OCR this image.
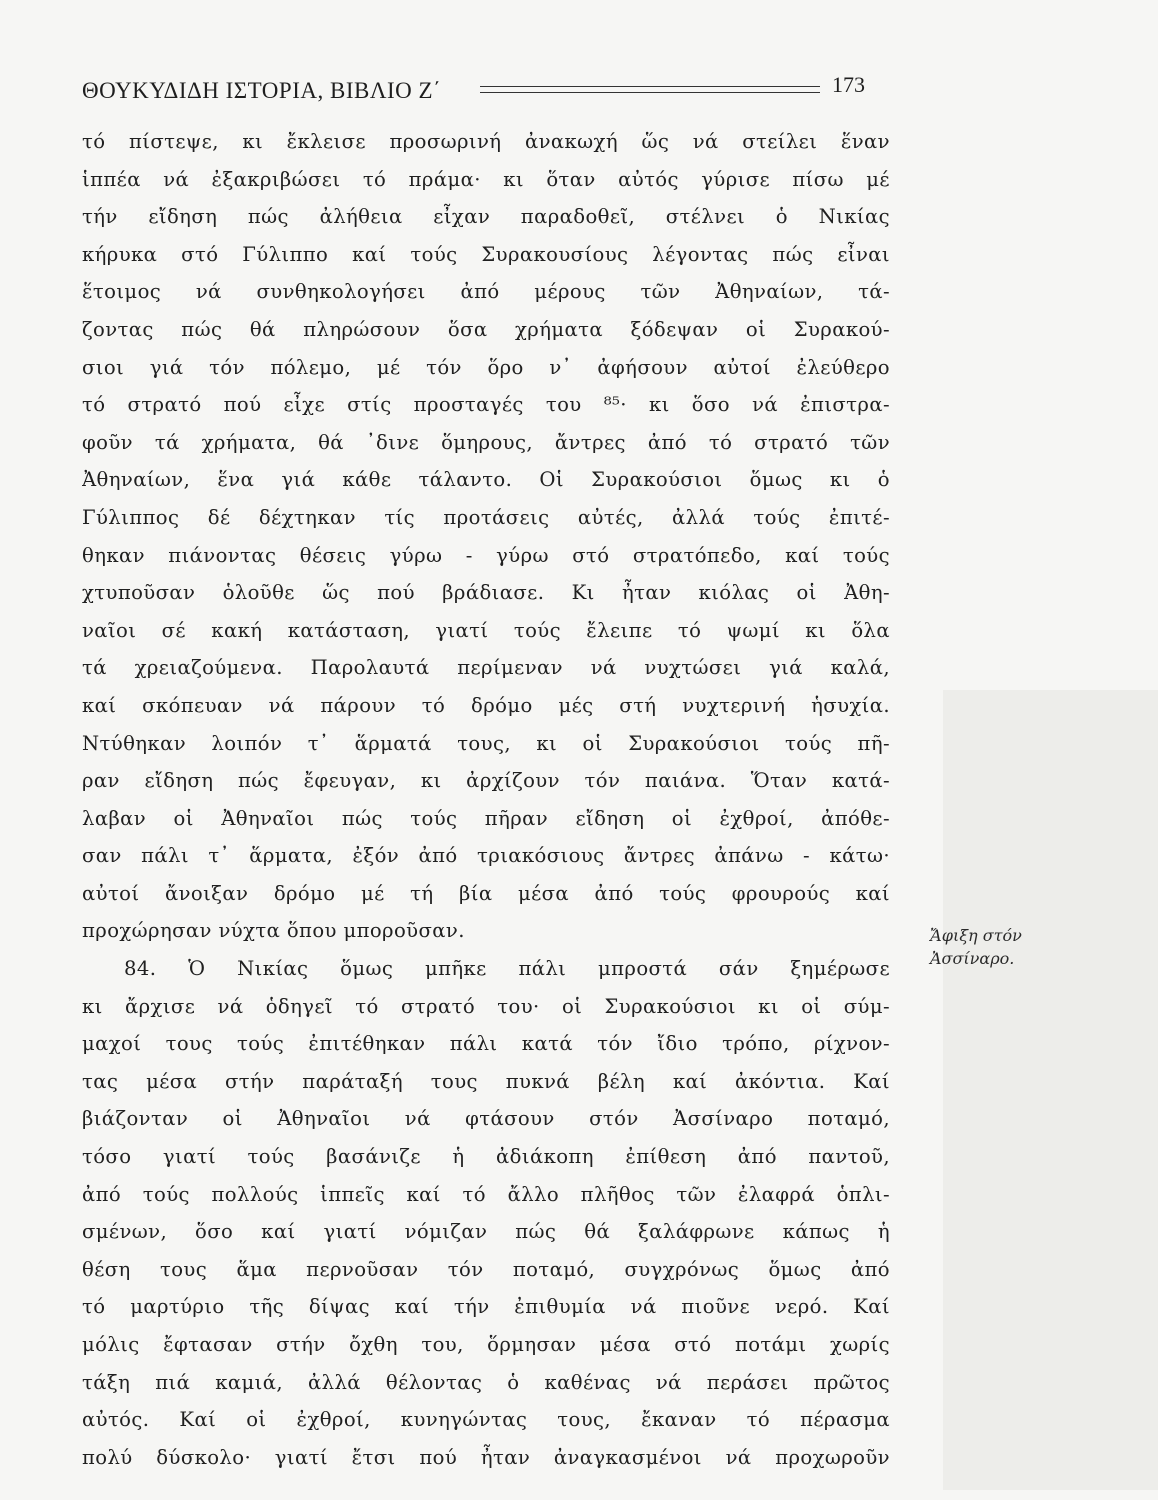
ΘΟΥΚΥΔΙΔΗ ΙΣΤΟΡΙΑ, ΒΙΒΛΙΟ Ζ΄	173
τό πίστεψε, κι ἔκλεισε προσωρινή ἀνακωχή ὥς νά στείλει ἕναν
ἱππέα νά ἐξακριβώσει τό πράμα· κι ὅταν αὐτός γύρισε πίσω μέ
τήν εἴδηση πώς ἀλήθεια εἶχαν παραδοθεῖ, στέλνει ὁ Νικίας
κήρυκα στό Γύλιππο καί τούς Συρακουσίους λέγοντας πώς εἶναι
ἕτοιμος νά συνθηκολογήσει ἀπό μέρους τῶν Ἀθηναίων, τά-
ζοντας πώς θά πληρώσουν ὅσα χρήματα ξόδεψαν οἱ Συρακού-
σιοι γιά τόν πόλεμο, μέ τόν ὅρο ν᾽ ἀφήσουν αὐτοί ἐλεύθερο
τό στρατό πού εἶχε στίς προσταγές του ⁸⁵· κι ὅσο νά ἐπιστρα-
φοῦν τά χρήματα, θά ᾽δινε ὅμηρους, ἄντρες ἀπό τό στρατό τῶν
Ἀθηναίων, ἕνα γιά κάθε τάλαντο. Οἱ Συρακούσιοι ὅμως κι ὁ
Γύλιππος δέ δέχτηκαν τίς προτάσεις αὐτές, ἀλλά τούς ἐπιτέ-
θηκαν πιάνοντας θέσεις γύρω - γύρω στό στρατόπεδο, καί τούς
χτυποῦσαν ὁλοῦθε ὥς πού βράδιασε. Κι ἦταν κιόλας οἱ Ἀθη-
ναῖοι σέ κακή κατάσταση, γιατί τούς ἔλειπε τό ψωμί κι ὅλα
τά χρειαζούμενα. Παρολαυτά περίμεναν νά νυχτώσει γιά καλά,
καί σκόπευαν νά πάρουν τό δρόμο μές στή νυχτερινή ἡσυχία.
Ντύθηκαν λοιπόν τ᾽ ἅρματά τους, κι οἱ Συρακούσιοι τούς πῆ-
ραν εἴδηση πώς ἔφευγαν, κι ἀρχίζουν τόν παιάνα. Ὅταν κατά-
λαβαν οἱ Ἀθηναῖοι πώς τούς πῆραν εἴδηση οἱ ἐχθροί, ἀπόθε-
σαν πάλι τ᾽ ἅρματα, ἐξόν ἀπό τριακόσιους ἄντρες ἀπάνω - κάτω·
αὐτοί ἄνοιξαν δρόμο μέ τή βία μέσα ἀπό τούς φρουρούς καί
προχώρησαν νύχτα ὅπου μποροῦσαν.
84. Ὁ Νικίας ὅμως μπῆκε πάλι μπροστά σάν ξημέρωσε
κι ἄρχισε νά ὁδηγεῖ τό στρατό του· οἱ Συρακούσιοι κι οἱ σύμ-
μαχοί τους τούς ἐπιτέθηκαν πάλι κατά τόν ἴδιο τρόπο, ρίχνον-
τας μέσα στήν παράταξή τους πυκνά βέλη καί ἀκόντια. Καί
βιάζονταν οἱ Ἀθηναῖοι νά φτάσουν στόν Ἀσσίναρο ποταμό,
τόσο γιατί τούς βασάνιζε ἡ ἀδιάκοπη ἐπίθεση ἀπό παντοῦ,
ἀπό τούς πολλούς ἱππεῖς καί τό ἄλλο πλῆθος τῶν ἐλαφρά ὁπλι-
σμένων, ὅσο καί γιατί νόμιζαν πώς θά ξαλάφρωνε κάπως ἡ
θέση τους ἅμα περνοῦσαν τόν ποταμό, συγχρόνως ὅμως ἀπό
τό μαρτύριο τῆς δίψας καί τήν ἐπιθυμία νά πιοῦνε νερό. Καί
μόλις ἔφτασαν στήν ὄχθη του, ὅρμησαν μέσα στό ποτάμι χωρίς
τάξη πιά καμιά, ἀλλά θέλοντας ὁ καθένας νά περάσει πρῶτος
αὐτός. Καί οἱ ἐχθροί, κυνηγώντας τους, ἔκαναν τό πέρασμα
πολύ δύσκολο· γιατί ἔτσι πού ἦταν ἀναγκασμένοι νά προχωροῦν
Ἄφιξη στόν
Ἀσσίναρο.
